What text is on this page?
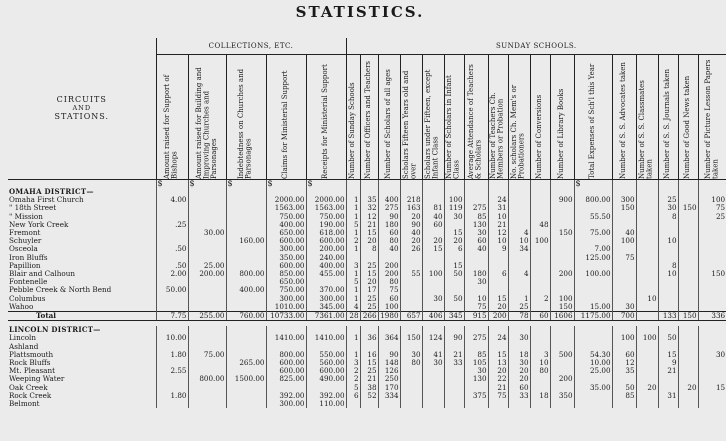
STATISTICS.
CIRCUITS
AND
STATIONS.	COLLECTIONS, ETC.					SUNDAY SCHOOLS.																

	Amount raised for Support of Bishops	Amount raised for Building and Improving Churches and Parsonages	Indebtedness on Churches and Parsonages	Claims for Ministerial Support	Receipts for Ministerial Support	Number of Sunday Schools	Number of Officers and Teachers	Number of Scholars of all ages	Scholars Fifteen Years old and over	Scholars under Fifteen, except Infant Class	Number of Scholars in Infant Class	Average Attendance of Teachers & Scholars	Number of Teachers Ch. Members or Probation	No. scholars Ch. Mem's or Probationers	Number of Conversions	Number of Library Books	Total Expenses of Sch'l this Year	Number of S. S. Advocates taken	Number of S. S. Classmates taken	Number of S. S. Journals taken	Number of Good News taken	Number of Picture Lesson Papers taken

	$	$	$	$	$												$					
OMAHA DISTRICT—																						
Omaha First Church	4.00			2000.00	2000.00	1	35	400	218		100		24			900	800.00	300		25		100
" 18th Street				1563.00	1563.00	1	32	275	163	81	119	275	31					150		30	150	75
" Mission				750.00	750.00	1	12	90	20	40	30	85	10				55.50			8		25
New York Creek	.25			400.00	190.00	5	21	180	90	60		130	21		48							
Fremont		30.00		650.00	618.00	1	15	60	40		15	30	12	4		150	75.00	40				
Schuyler			160.00	600.00	600.00	2	20	80	20	20	20	60	10	10	100			100		10		
Osceola	.50			300.00	200.00	1	8	40	26	15	6	40	9	34			7.00					
Iron Bluffs				350.00	240.00												125.00	75				
Papillion	.50	25.00		600.00	400.00	3	25	200			15									8		
Blair and Calhoun	2.00	200.00	800.00	850.00	455.00	1	15	200	55	100	50	180	6	4		200	100.00			10		150
Fontenelle				650.00		5	20	80				30										
Pebble Creek & North Bend	50.00		400.00	750.00	370.00	1	17	75														
Columbus				300.00	300.00	1	25	60		30	50	10	15	1	2	100			10			
Wahoo				1010.00	345.00	4	25	100				75	20	25		150	15.00	30				
Total	7.75	255.00	760.00	10733.00	7361.00	28	266	1980	657	406	345	915	200	78	60	1606	1175.00	700		133	150	336

LINCOLN DISTRICT—																						
Lincoln	10.00			1410.00	1410.00	1	36	364	150	124	90	275	24	30				100	100	50		
Ashland																						
Plattsmouth	1.80	75.00		800.00	550.00	1	16	90	30	41	21	85	15	18	3	500	54.30	60		15		30
Rock Bluffs			265.00	600.00	560.00	3	15	148	80	30	33	105	13	30	10		10.00	12		9		
Mt. Pleasant	2.55			600.00	600.00	2	25	126				30	20	20	80		25.00	35		21		
Weeping Water		800.00	1500.00	825.00	490.00	2	21	250				130	22	20		200						
Oak Creek						5	38	170					21	60			35.00	50	20		20	15
Rock Creek	1.80			392.00	392.00	6	52	334				375	75	33	18	350		85		31		
Belmont				300.00	110.00																	
